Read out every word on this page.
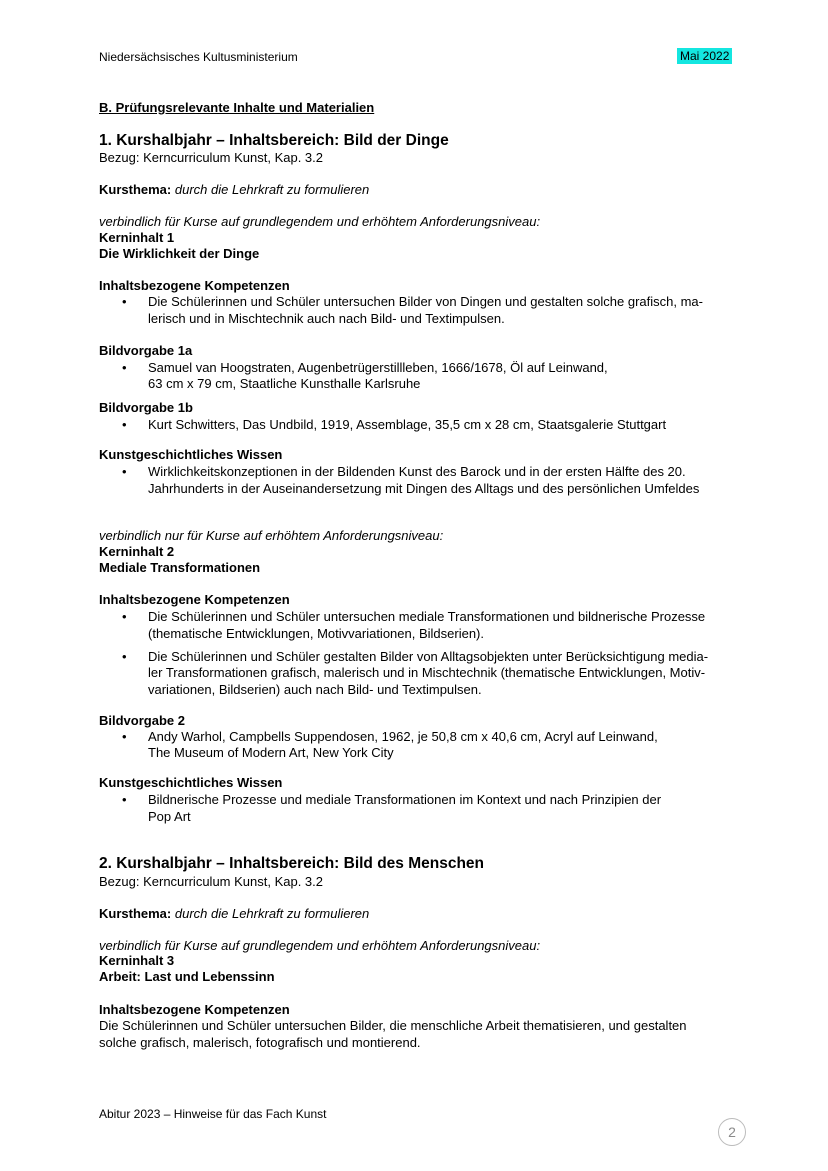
Niedersächsisches Kultusministerium	Mai 2022
B. Prüfungsrelevante Inhalte und Materialien
1. Kurshalbjahr – Inhaltsbereich: Bild der Dinge
Bezug: Kerncurriculum Kunst, Kap. 3.2
Kursthema: durch die Lehrkraft zu formulieren
verbindlich für Kurse auf grundlegendem und erhöhtem Anforderungsniveau:
Kerninhalt 1
Die Wirklichkeit der Dinge
Inhaltsbezogene Kompetenzen
• Die Schülerinnen und Schüler untersuchen Bilder von Dingen und gestalten solche grafisch, ma-
lerisch und in Mischtechnik auch nach Bild- und Textimpulsen.
Bildvorgabe 1a
• Samuel van Hoogstraten, Augenbetrügerstillleben, 1666/1678, Öl auf Leinwand,
63 cm x 79 cm, Staatliche Kunsthalle Karlsruhe
Bildvorgabe 1b
• Kurt Schwitters, Das Undbild, 1919, Assemblage, 35,5 cm x 28 cm, Staatsgalerie Stuttgart
Kunstgeschichtliches Wissen
• Wirklichkeitskonzeptionen in der Bildenden Kunst des Barock und in der ersten Hälfte des 20.
Jahrhunderts in der Auseinandersetzung mit Dingen des Alltags und des persönlichen Umfeldes
verbindlich nur für Kurse auf erhöhtem Anforderungsniveau:
Kerninhalt 2
Mediale Transformationen
Inhaltsbezogene Kompetenzen
• Die Schülerinnen und Schüler untersuchen mediale Transformationen und bildnerische Prozesse
(thematische Entwicklungen, Motivvariationen, Bildserien).
• Die Schülerinnen und Schüler gestalten Bilder von Alltagsobjekten unter Berücksichtigung media-
ler Transformationen grafisch, malerisch und in Mischtechnik (thematische Entwicklungen, Motiv-
variationen, Bildserien) auch nach Bild- und Textimpulsen.
Bildvorgabe 2
• Andy Warhol, Campbells Suppendosen, 1962, je 50,8 cm x 40,6 cm, Acryl auf Leinwand,
The Museum of Modern Art, New York City
Kunstgeschichtliches Wissen
• Bildnerische Prozesse und mediale Transformationen im Kontext und nach Prinzipien der
Pop Art
2. Kurshalbjahr – Inhaltsbereich: Bild des Menschen
Bezug: Kerncurriculum Kunst, Kap. 3.2
Kursthema: durch die Lehrkraft zu formulieren
verbindlich für Kurse auf grundlegendem und erhöhtem Anforderungsniveau:
Kerninhalt 3
Arbeit: Last und Lebenssinn
Inhaltsbezogene Kompetenzen
Die Schülerinnen und Schüler untersuchen Bilder, die menschliche Arbeit thematisieren, und gestalten
solche grafisch, malerisch, fotografisch und montierend.
Abitur 2023 – Hinweise für das Fach Kunst
2
